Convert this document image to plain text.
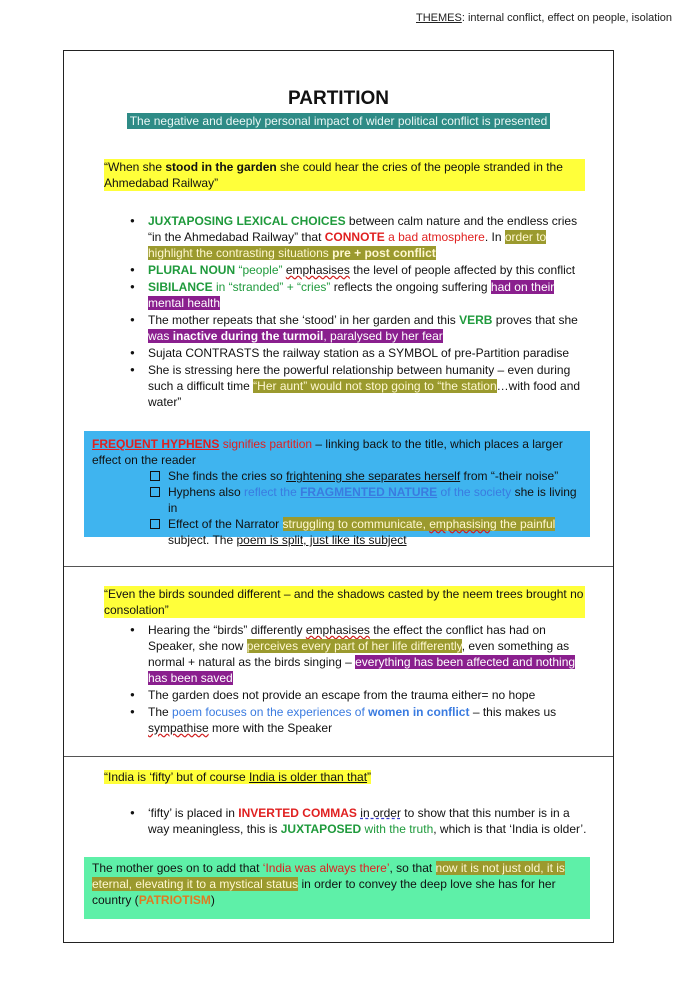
THEMES: internal conflict, effect on people, isolation
PARTITION
The negative and deeply personal impact of wider political conflict is presented

“When she stood in the garden she could hear the cries of the people stranded in the Ahmedabad Railway”

● JUXTAPOSING LEXICAL CHOICES between calm nature and the endless cries “in the Ahmedabad Railway” that CONNOTE a bad atmosphere. In order to highlight the contrasting situations pre + post conflict
● PLURAL NOUN “people” emphasises the level of people affected by this conflict
● SIBILANCE in “stranded” + “cries” reflects the ongoing suffering had on their mental health
● The mother repeats that she ‘stood’ in her garden and this VERB proves that she was inactive during the turmoil, paralysed by her fear
● Sujata CONTRASTS the railway station as a SYMBOL of pre-Partition paradise
● She is stressing here the powerful relationship between humanity – even during such a difficult time “Her aunt” would not stop going to “the station…with food and water”

FREQUENT HYPHENS signifies partition – linking back to the title, which places a larger effect on the reader

She finds the cries so frightening she separates herself from “-their noise”
Hyphens also reflect the FRAGMENTED NATURE of the society she is living in
Effect of the Narrator struggling to communicate, emphasising the painful subject. The poem is split, just like its subject

“Even the birds sounded different – and the shadows casted by the neem trees brought no consolation”

● Hearing the “birds” differently emphasises the effect the conflict has had on Speaker, she now perceives every part of her life differently, even something as normal + natural as the birds singing – everything has been affected and nothing has been saved
● The garden does not provide an escape from the trauma either= no hope
● The poem focuses on the experiences of women in conflict – this makes us sympathise more with the Speaker

“India is ‘fifty’ but of course India is older than that”

● ‘fifty’ is placed in INVERTED COMMAS in order to show that this number is in a way meaningless, this is JUXTAPOSED with the truth, which is that ‘India is older’.

The mother goes on to add that ‘India was always there’, so that now it is not just old, it is eternal, elevating it to a mystical status in order to convey the deep love she has for her country (PATRIOTISM)
